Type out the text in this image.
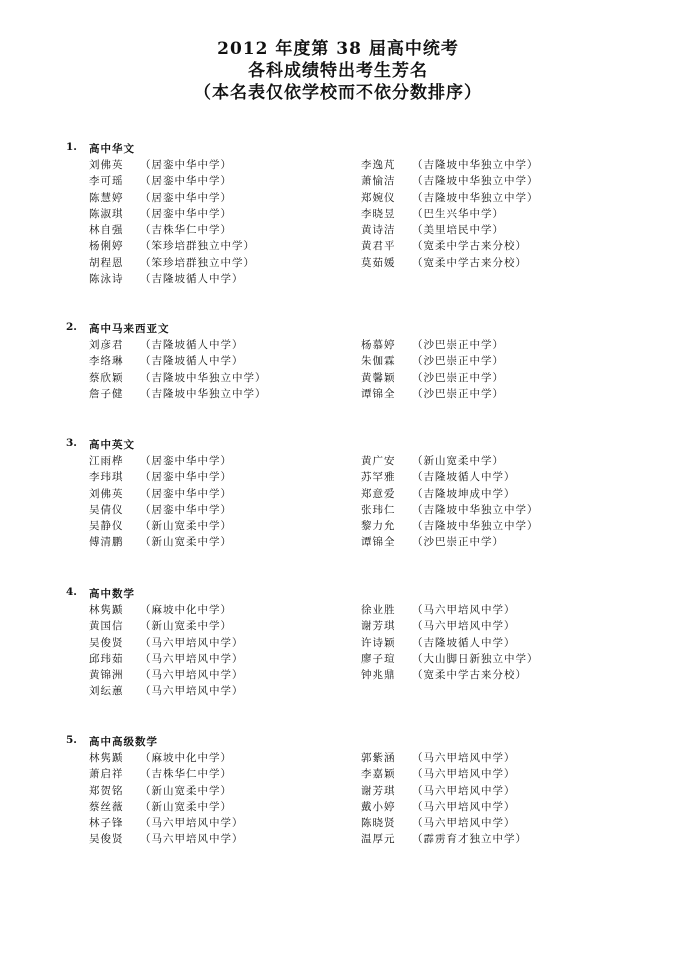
2012 年度第 38 届高中统考
各科成绩特出考生芳名
（本名表仅依学校而不依分数排序）
1. 高中华文
刘佛英 （居銮中华中学）	李逸芃 （吉隆坡中华独立中学）
李可瑶 （居銮中华中学）	萧愉洁 （吉隆坡中华独立中学）
陈慧婷 （居銮中华中学）	郑婉仪 （吉隆坡中华独立中学）
陈淑琪 （居銮中华中学）	李晓昱 （巴生兴华中学）
林自强 （吉株华仁中学）	黄诗洁 （美里培民中学）
杨俐婷 （笨珍培群独立中学）	黄君平 （宽柔中学古来分校）
胡程恩 （笨珍培群独立中学）	莫茹媛 （宽柔中学古来分校）
陈泳诗 （吉隆坡循人中学）
2. 高中马来西亚文
刘彦君 （吉隆坡循人中学）	杨慕婷 （沙巴崇正中学）
李络琳 （吉隆坡循人中学）	朱伽霖 （沙巴崇正中学）
蔡欣颖 （吉隆坡中华独立中学）	黄馨颖 （沙巴崇正中学）
詹子健 （吉隆坡中华独立中学）	谭锦全 （沙巴崇正中学）
3. 高中英文
江雨桦 （居銮中华中学）	黄广安 （新山宽柔中学）
李玮琪 （居銮中华中学）	苏罕雅 （吉隆坡循人中学）
刘佛英 （居銮中华中学）	郑意爱 （吉隆坡坤成中学）
吴倩仪 （居銮中华中学）	张玮仁 （吉隆坡中华独立中学）
吴静仪 （新山宽柔中学）	黎力允 （吉隆坡中华独立中学）
傅清鹏 （新山宽柔中学）	谭锦全 （沙巴崇正中学）
4. 高中数学
林隽踬 （麻坡中化中学）	徐业胜 （马六甲培风中学）
黄国信 （新山宽柔中学）	谢芳琪 （马六甲培风中学）
吴俊贤 （马六甲培风中学）	许诗颖 （吉隆坡循人中学）
邱玮茹 （马六甲培风中学）	廖子瑄 （大山脚日新独立中学）
黄锦洲 （马六甲培风中学）	钟兆鼎 （宽柔中学古来分校）
刘纭蕙 （马六甲培风中学）
5. 高中高级数学
林隽踬 （麻坡中化中学）	郭紫涵 （马六甲培风中学）
萧启祥 （吉株华仁中学）	李嘉颖 （马六甲培风中学）
郑贺铭 （新山宽柔中学）	谢芳琪 （马六甲培风中学）
蔡丝薇 （新山宽柔中学）	戴小婷 （马六甲培风中学）
林子锋 （马六甲培风中学）	陈晓贤 （马六甲培风中学）
吴俊贤 （马六甲培风中学）	温厚元 （霹雳育才独立中学）
